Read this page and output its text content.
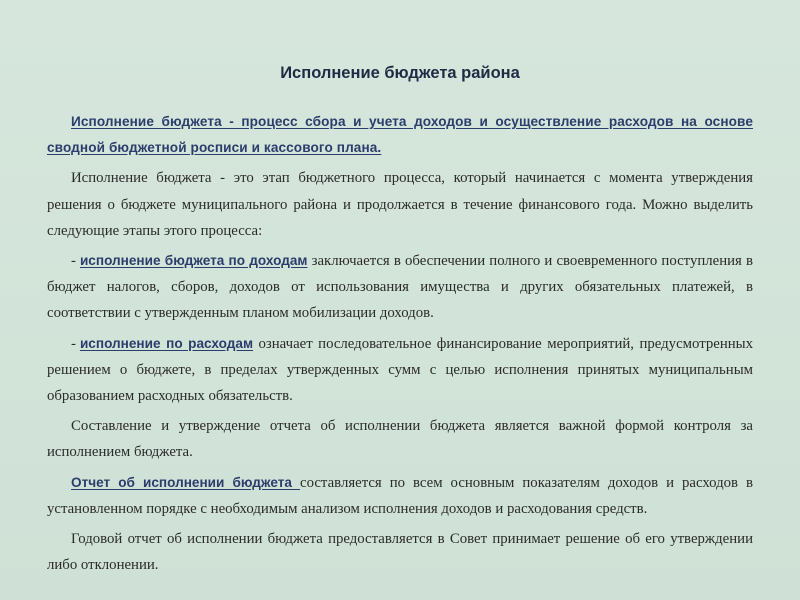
Исполнение бюджета района

Исполнение бюджета - процесс сбора и учета доходов и осуществление расходов на основе сводной бюджетной росписи и кассового плана.

Исполнение бюджета - это этап бюджетного процесса, который начинается с момента утверждения решения о бюджете муниципального района и продолжается в течение финансового года. Можно выделить следующие этапы этого процесса:

- исполнение бюджета по доходам заключается в обеспечении полного и своевременного поступления в бюджет налогов, сборов, доходов от использования имущества и других обязательных платежей, в соответствии с утвержденным планом мобилизации доходов.

- исполнение по расходам означает последовательное финансирование мероприятий, предусмотренных решением о бюджете, в пределах утвержденных сумм с целью исполнения принятых муниципальным образованием расходных обязательств.

Составление и утверждение отчета об исполнении бюджета является важной формой контроля за исполнением бюджета.

Отчет об исполнении бюджета составляется по всем основным показателям доходов и расходов в установленном порядке с необходимым анализом исполнения доходов и расходования средств.

Годовой отчет об исполнении бюджета предоставляется в Совет принимает решение об его утверждении либо отклонении.
